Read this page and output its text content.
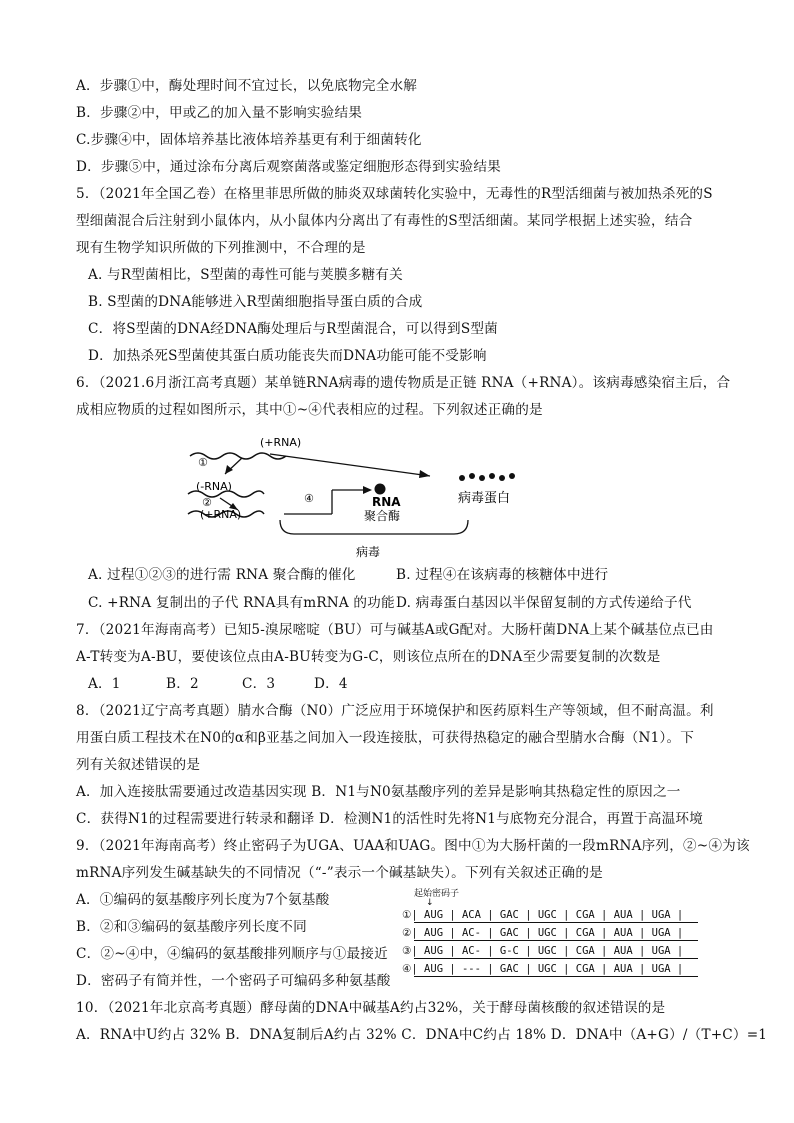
A．步骤①中，酶处理时间不宜过长，以免底物完全水解
B．步骤②中，甲或乙的加入量不影响实验结果
C.步骤④中，固体培养基比液体培养基更有利于细菌转化
D．步骤⑤中，通过涂布分离后观察菌落或鉴定细胞形态得到实验结果
5．（2021年全国乙卷）在格里菲思所做的肺炎双球菌转化实验中，无毒性的R型活细菌与被加热杀死的S
型细菌混合后注射到小鼠体内，从小鼠体内分离出了有毒性的S型活细菌。某同学根据上述实验，结合
现有生物学知识所做的下列推测中，不合理的是
A. 与R型菌相比，S型菌的毒性可能与荚膜多糖有关
B. S型菌的DNA能够进入R型菌细胞指导蛋白质的合成
C．将S型菌的DNA经DNA酶处理后与R型菌混合，可以得到S型菌
D．加热杀死S型菌使其蛋白质功能丧失而DNA功能可能不受影响
6．（2021.6月浙江高考真题）某单链RNA病毒的遗传物质是正链 RNA（+RNA）。该病毒感染宿主后，合
成相应物质的过程如图所示，其中①~④代表相应的过程。下列叙述正确的是
(+RNA)
①
(-RNA)
②
(+RNA)
④	RNA
聚合酶
病毒蛋白
病毒
A. 过程①②③的进行需 RNA 聚合酶的催化	B. 过程④在该病毒的核糖体中进行
C. +RNA 复制出的子代 RNA具有mRNA 的功能 D. 病毒蛋白基因以半保留复制的方式传递给子代
7．（2021年海南高考）已知5-溴尿嘧啶（BU）可与碱基A或G配对。大肠杆菌DNA上某个碱基位点已由
A-T转变为A-BU，要使该位点由A-BU转变为G-C，则该位点所在的DNA至少需要复制的次数是
A．1	B．2	C．3	D．4
8．（2021辽宁高考真题）腈水合酶（N0）广泛应用于环境保护和医药原料生产等领域，但不耐高温。利
用蛋白质工程技术在N0的α和β亚基之间加入一段连接肽，可获得热稳定的融合型腈水合酶（N1）。下
列有关叙述错误的是
A．加入连接肽需要通过改造基因实现 B．N1与N0氨基酸序列的差异是影响其热稳定性的原因之一
C．获得N1的过程需要进行转录和翻译 D．检测N1的活性时先将N1与底物充分混合，再置于高温环境
9．（2021年海南高考）终止密码子为UGA、UAA和UAG。图中①为大肠杆菌的一段mRNA序列，②~④为该
mRNA序列发生碱基缺失的不同情况（“-”表示一个碱基缺失）。下列有关叙述正确的是
A．①编码的氨基酸序列长度为7个氨基酸
B．②和③编码的氨基酸序列长度不同
C．②~④中，④编码的氨基酸排列顺序与①最接近
D．密码子有简并性，一个密码子可编码多种氨基酸
起始密码子
↓
①| AUG | ACA | GAC | UGC | CGA | AUA | UGA |
②| AUG | AC- | GAC | UGC | CGA | AUA | UGA |
③| AUG | AC- | G-C | UGC | CGA | AUA | UGA |
④| AUG | --- | GAC | UGC | CGA | AUA | UGA |
10．（2021年北京高考真题）酵母菌的DNA中碱基A约占32%，关于酵母菌核酸的叙述错误的是
A．RNA中U约占 32% B．DNA复制后A约占 32% C．DNA中C约占 18% D．DNA中（A+G）/（T+C）=1
